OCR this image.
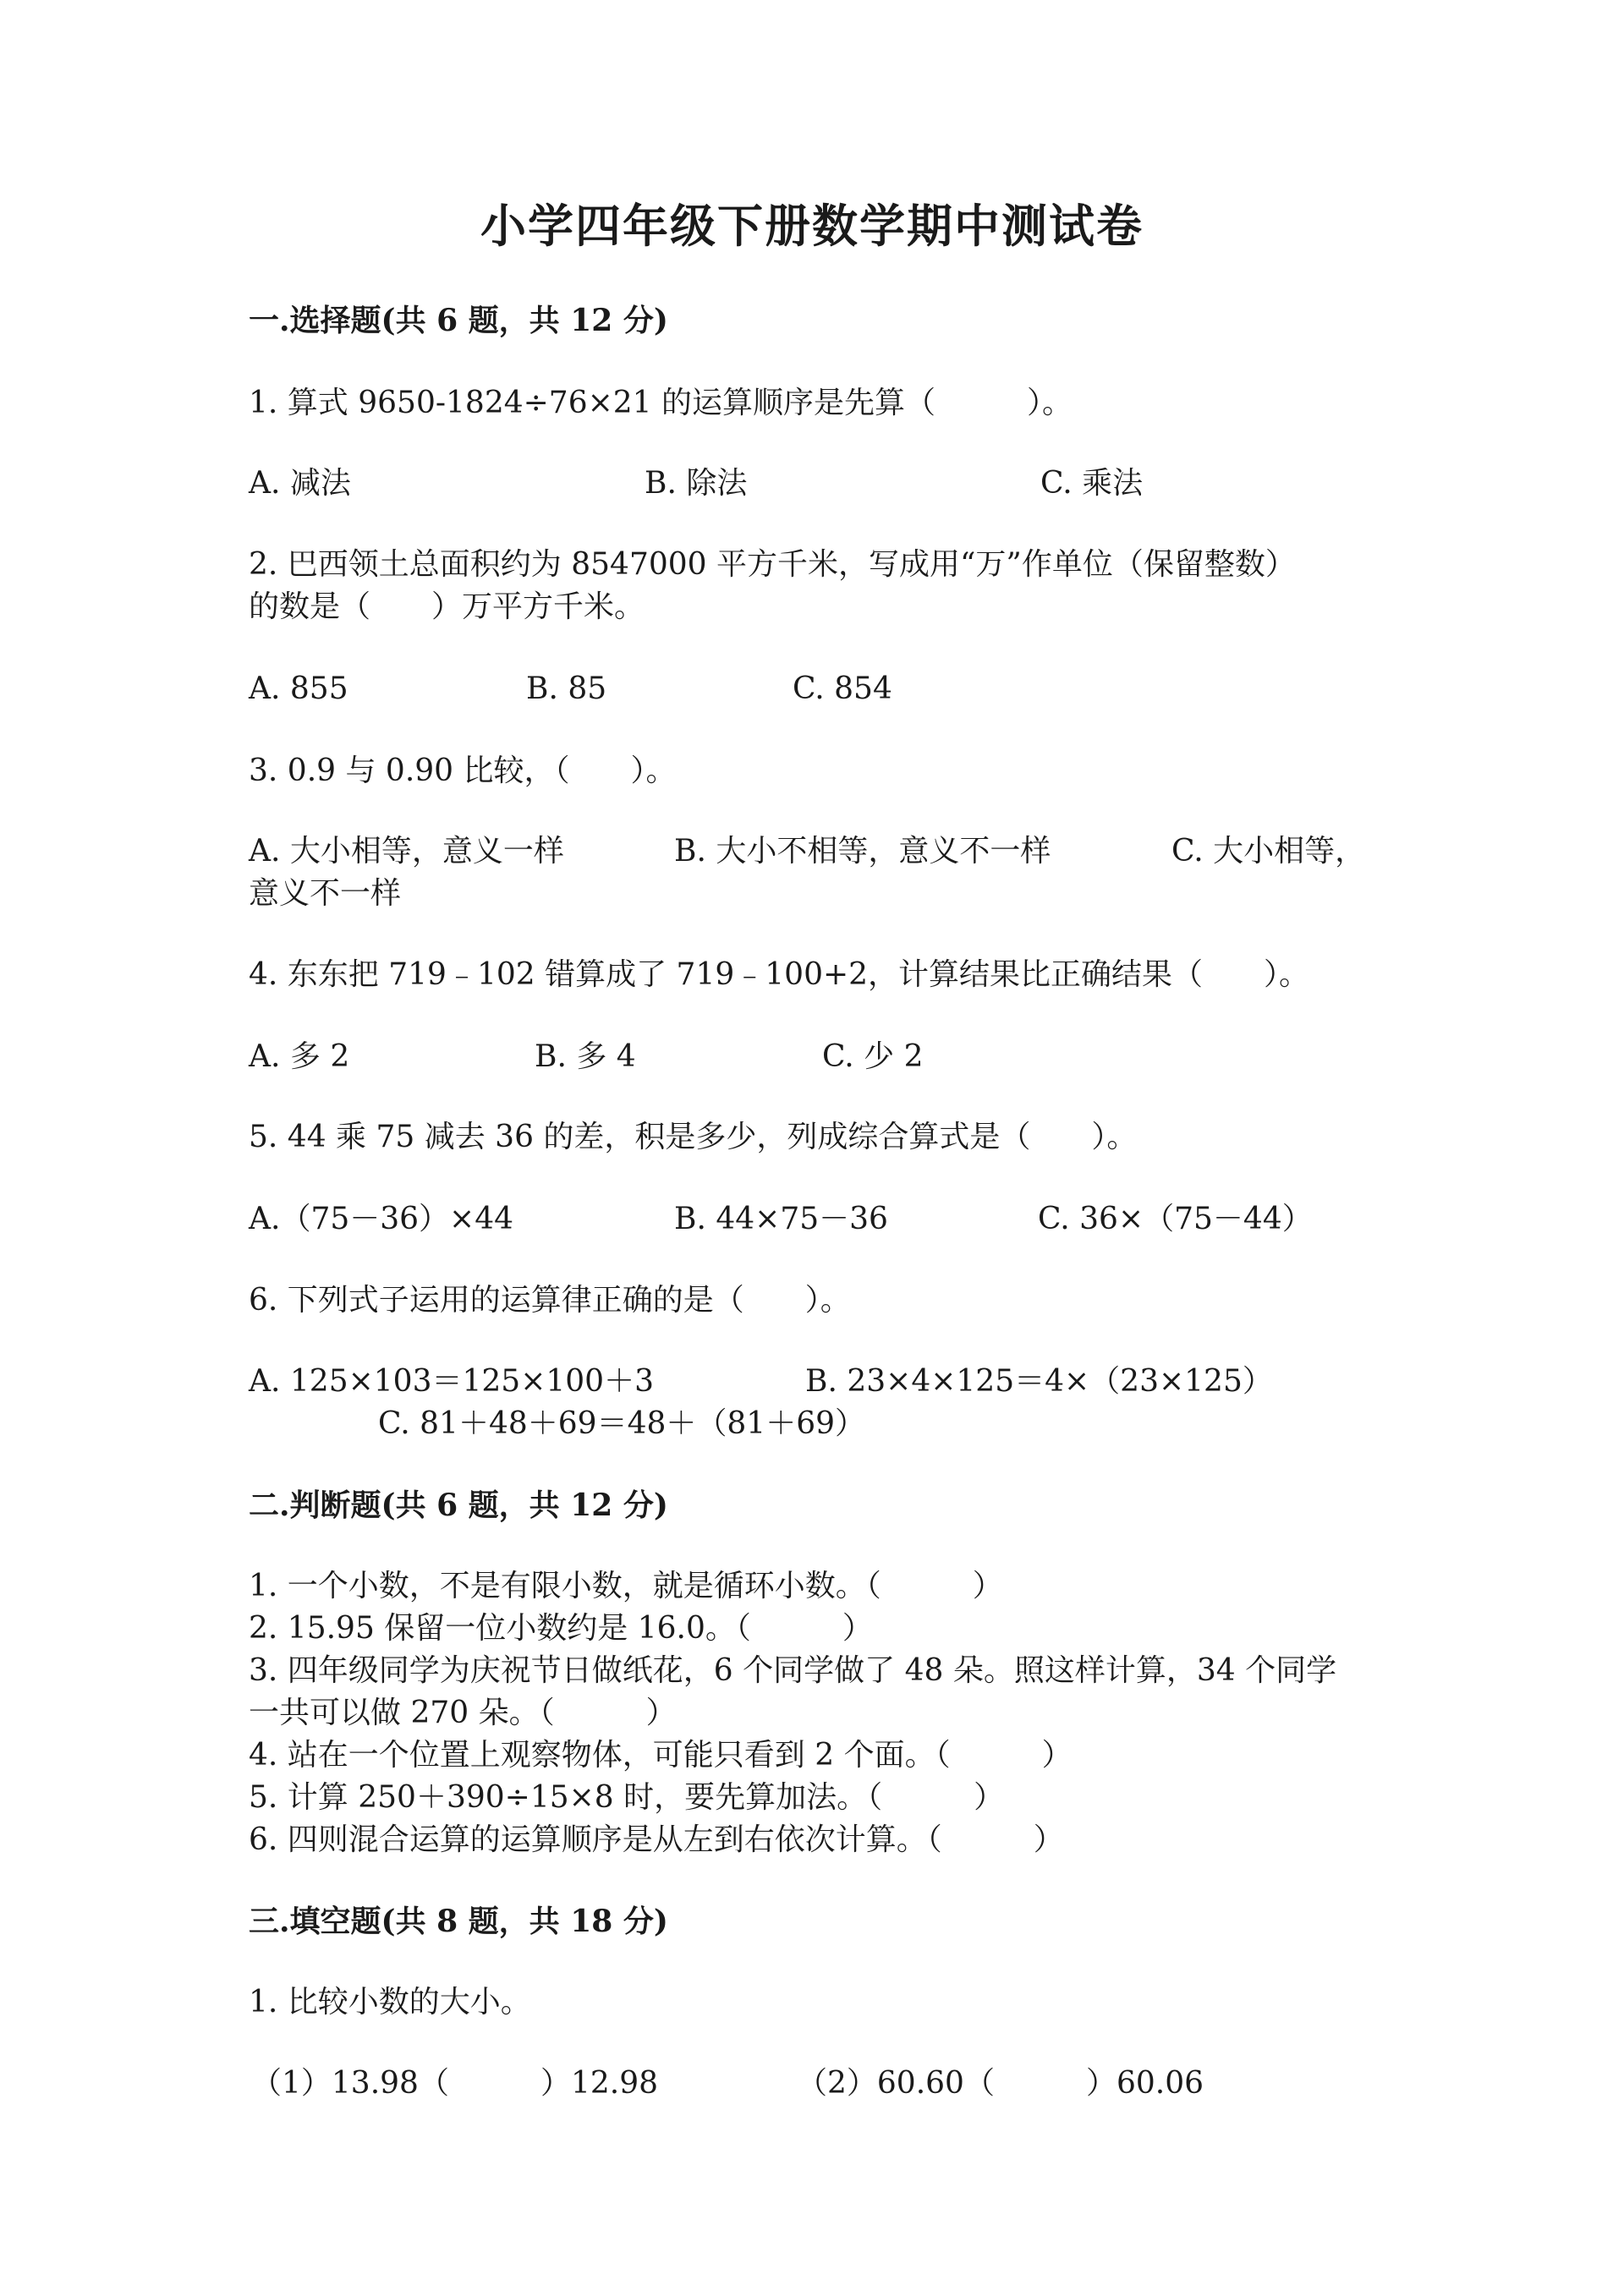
小学四年级下册数学期中测试卷
一.选择题(共 6 题，共 12 分)
1. 算式 9650-1824÷76×21 的运算顺序是先算（　　　）。
A. 减法	B. 除法	C. 乘法
2. 巴西领土总面积约为 8547000 平方千米，写成用“万”作单位（保留整数）
的数是（　　）万平方千米。
A. 855	B. 85	C. 854
3. 0.9 与 0.90 比较，（　　）。
A. 大小相等，意义一样	B. 大小不相等，意义不一样	C. 大小相等，
意义不一样
4. 东东把 719﹣102 错算成了 719﹣100+2，计算结果比正确结果（　　）。
A. 多 2	B. 多 4	C. 少 2
5. 44 乘 75 减去 36 的差，积是多少，列成综合算式是（　　）。
A.（75－36）×44	B. 44×75－36	C. 36×（75－44）
6. 下列式子运用的运算律正确的是（　　）。
A. 125×103＝125×100＋3	B. 23×4×125＝4×（23×125）
C. 81＋48＋69＝48＋（81＋69）
二.判断题(共 6 题，共 12 分)
1. 一个小数，不是有限小数，就是循环小数。（　　　）
2. 15.95 保留一位小数约是 16.0。（　　　）
3. 四年级同学为庆祝节日做纸花，6 个同学做了 48 朵。照这样计算，34 个同学
一共可以做 270 朵。（　　　）
4. 站在一个位置上观察物体，可能只看到 2 个面。（　　　）
5. 计算 250＋390÷15×8 时，要先算加法。（　　　）
6. 四则混合运算的运算顺序是从左到右依次计算。（　　　）
三.填空题(共 8 题，共 18 分)
1. 比较小数的大小。
（1）13.98（　　　）12.98	（2）60.60（　　　）60.06
